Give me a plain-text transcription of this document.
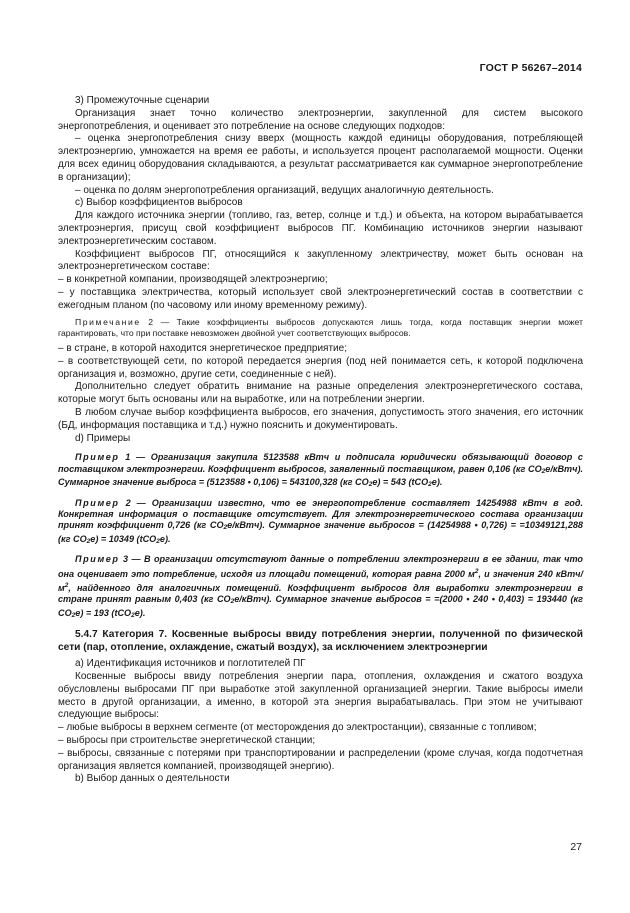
ГОСТ Р 56267–2014

3) Промежуточные сценарии

Организация знает точно количество электроэнергии, закупленной для систем высокого энергопотребления, и оценивает это потребление на основе следующих подходов:

– оценка энергопотребления снизу вверх (мощность каждой единицы оборудования, потребляющей электроэнергию, умножается на время ее работы, и используется процент располагаемой мощности. Оценки для всех единиц оборудования складываются, а результат рассматривается как суммарное энергопотребление в организации);

– оценка по долям энергопотребления организаций, ведущих аналогичную деятельность.

c) Выбор коэффициентов выбросов

Для каждого источника энергии (топливо, газ, ветер, солнце и т.д.) и объекта, на котором вырабатывается электроэнергия, присущ свой коэффициент выбросов ПГ. Комбинацию источников энергии называют электроэнергетическим составом.

Коэффициент выбросов ПГ, относящийся к закупленному электричеству, может быть основан на электроэнергетическом составе:

– в конкретной компании, производящей электроэнергию;

– у поставщика электричества, который использует свой электроэнергетический состав в соответствии с ежегодным планом (по часовому или иному временному режиму).

Примечание 2 — Такие коэффициенты выбросов допускаются лишь тогда, когда поставщик энергии может гарантировать, что при поставке невозможен двойной учет соответствующих выбросов.

– в стране, в которой находится энергетическое предприятие;

– в соответствующей сети, по которой передается энергия (под ней понимается сеть, к которой подключена организация и, возможно, другие сети, соединенные с ней).

Дополнительно следует обратить внимание на разные определения электроэнергетического состава, которые могут быть основаны или на выработке, или на потреблении энергии.

В любом случае выбор коэффициента выбросов, его значения, допустимость этого значения, его источник (БД, информация поставщика и т.д.) нужно пояснить и документировать.

d) Примеры

Пример 1 — Организация закупила 5123588 кВтч и подписала юридически обязывающий договор с поставщиком электроэнергии. Коэффициент выбросов, заявленный поставщиком, равен 0,106 (кг $CO_2е/кВтч$). Суммарное значение выброса = (5123588 • 0,106) = 543100,328 (кг $CO_2е) = 543$ (tCO$_2$е).

Пример 2 — Организации известно, что ее энергопотребление составляет 14254988 кВтч в год. Конкретная информация о поставщике отсутствует. Для электроэнергетического состава организации принят коэффициент 0,726 (кг $CO_2е/кВтч$). Суммарное значение выбросов = (14254988 • 0,726) = =10349121,288 (кг $CO_2е) = 10349$ (tCO$_2$е).

Пример 3 — В организации отсутствуют данные о потреблении электроэнергии в ее здании, так что она оценивает это потребление, исходя из площади помещений, которая равна 2000 $м^2$, и значения 240 кВтч/$м^2$, найденного для аналогичных помещений. Коэффициент выбросов для выработки электроэнергии в стране принят равным 0,403 (кг $CO_2е/кВтч$). Суммарное значение выбросов = =(2000 • 240 • 0,403) = 193440 (кг $CO_2е) = 193$ (tCO$_2$е).

5.4.7 Категория 7. Косвенные выбросы ввиду потребления энергии, полученной по физической сети (пар, отопление, охлаждение, сжатый воздух), за исключением электроэнергии

a) Идентификация источников и поглотителей ПГ

Косвенные выбросы ввиду потребления энергии пара, отопления, охлаждения и сжатого воздуха обусловлены выбросами ПГ при выработке этой закупленной организацией энергии. Такие выбросы имели место в другой организации, а именно, в которой эта энергия вырабатывалась. При этом не учитывают следующие выбросы:

– любые выбросы в верхнем сегменте (от месторождения до электростанции), связанные с топливом;

– выбросы при строительстве энергетической станции;

– выбросы, связанные с потерями при транспортировании и распределении (кроме случая, когда подотчетная организация является компанией, производящей энергию).

b) Выбор данных о деятельности

27
